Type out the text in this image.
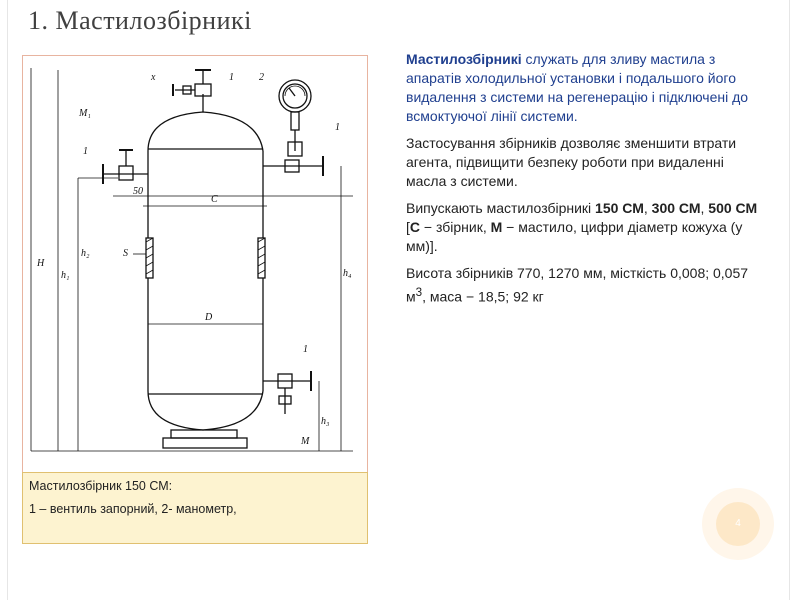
1. Мастилозбірникі
x	1	2
1
М₁
1
50
C
S
D
H
h₁
h₂
h₄
1
h₃
M

Мастилозбірник 150 СМ:

1 – вентиль запорний, 2- манометр,

Мастилозбірникі служать для зливу мастила з апаратів холодильної установки і подальшого його видалення з системи на регенерацію і підключені до всмоктуючої лінії системи.

Застосування збірників дозволяє зменшити втрати агента, підвищити безпеку роботи при видаленні масла з системи.

Випускають мастилозбірникі 150 СМ, 300 СМ, 500 СМ [С − збірник, М − мастило, цифри діаметр кожуха (у мм)].

Висота збірників 770, 1270 мм, місткість 0,008; 0,057 $м^3$, маса − 18,5; 92 кг

4
